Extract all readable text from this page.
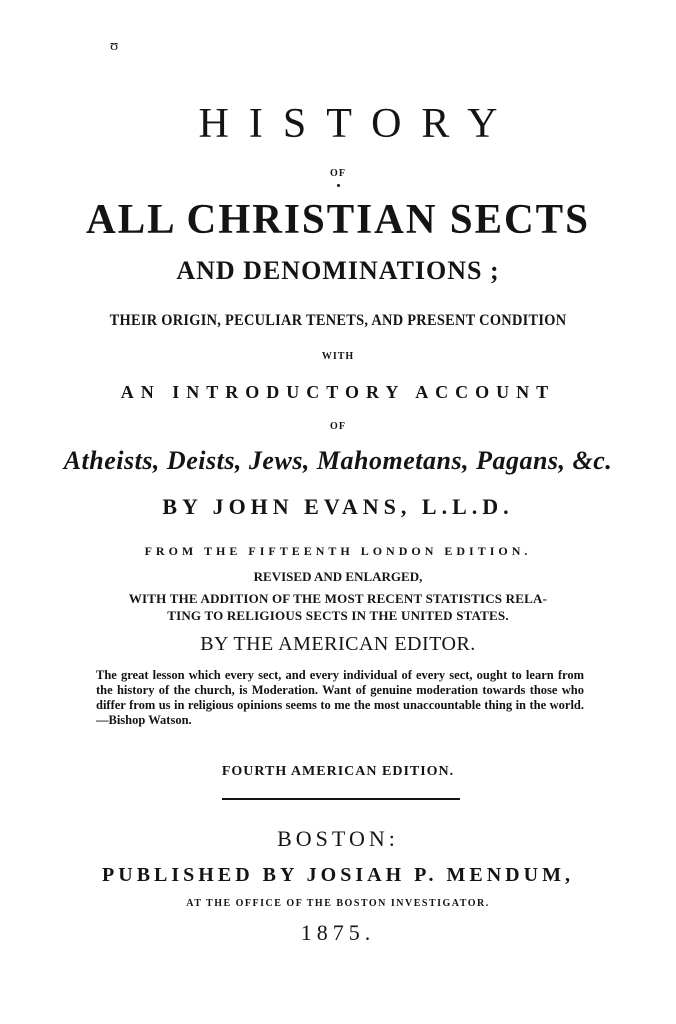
ʊ
HISTORY
OF
ALL CHRISTIAN SECTS
AND DENOMINATIONS ;
THEIR ORIGIN, PECULIAR TENETS, AND PRESENT CONDITION
WITH
AN INTRODUCTORY ACCOUNT
OF
Atheists, Deists, Jews, Mahometans, Pagans, &c.
BY JOHN EVANS, L.L.D.
FROM THE FIFTEENTH LONDON EDITION.
REVISED AND ENLARGED,
WITH THE ADDITION OF THE MOST RECENT STATISTICS RELA-
TING TO RELIGIOUS SECTS IN THE UNITED STATES.
BY THE AMERICAN EDITOR.
The great lesson which every sect, and every individual of every sect, ought to learn from the history of the church, is Moderation. Want of genuine moderation towards those who differ from us in religious opinions seems to me the most unaccountable thing in the world.—Bishop Watson.
FOURTH AMERICAN EDITION.
BOSTON:
PUBLISHED BY JOSIAH P. MENDUM,
AT THE OFFICE OF THE BOSTON INVESTIGATOR.
1875.
